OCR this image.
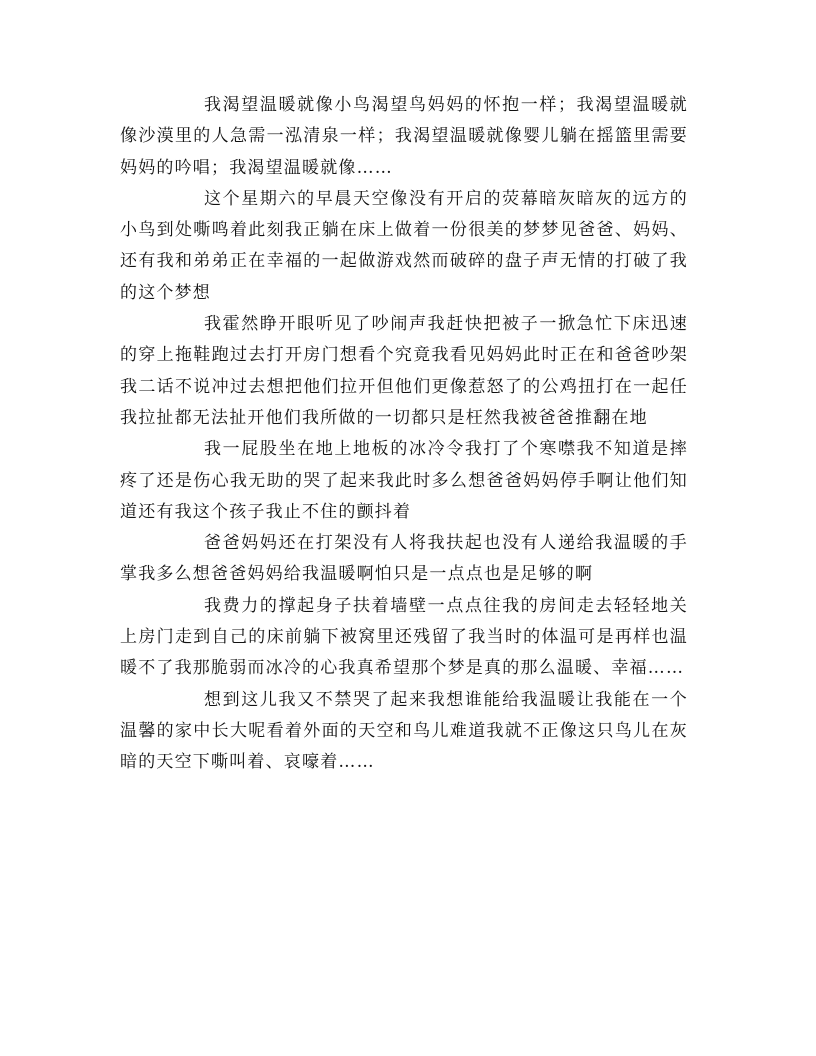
我渴望温暖就像小鸟渴望鸟妈妈的怀抱一样；我渴望温暖就像沙漠里的人急需一泓清泉一样；我渴望温暖就像婴儿躺在摇篮里需要妈妈的吟唱；我渴望温暖就像……

这个星期六的早晨天空像没有开启的荧幕暗灰暗灰的远方的小鸟到处嘶鸣着此刻我正躺在床上做着一份很美的梦梦见爸爸、妈妈、还有我和弟弟正在幸福的一起做游戏然而破碎的盘子声无情的打破了我的这个梦想

我霍然睁开眼听见了吵闹声我赶快把被子一掀急忙下床迅速的穿上拖鞋跑过去打开房门想看个究竟我看见妈妈此时正在和爸爸吵架我二话不说冲过去想把他们拉开但他们更像惹怒了的公鸡扭打在一起任我拉扯都无法扯开他们我所做的一切都只是枉然我被爸爸推翻在地

我一屁股坐在地上地板的冰冷令我打了个寒噤我不知道是摔疼了还是伤心我无助的哭了起来我此时多么想爸爸妈妈停手啊让他们知道还有我这个孩子我止不住的颤抖着

爸爸妈妈还在打架没有人将我扶起也没有人递给我温暖的手掌我多么想爸爸妈妈给我温暖啊怕只是一点点也是足够的啊

我费力的撑起身子扶着墙壁一点点往我的房间走去轻轻地关上房门走到自己的床前躺下被窝里还残留了我当时的体温可是再样也温暖不了我那脆弱而冰冷的心我真希望那个梦是真的那么温暖、幸福……

想到这儿我又不禁哭了起来我想谁能给我温暖让我能在一个温馨的家中长大呢看着外面的天空和鸟儿难道我就不正像这只鸟儿在灰暗的天空下嘶叫着、哀嚎着……
